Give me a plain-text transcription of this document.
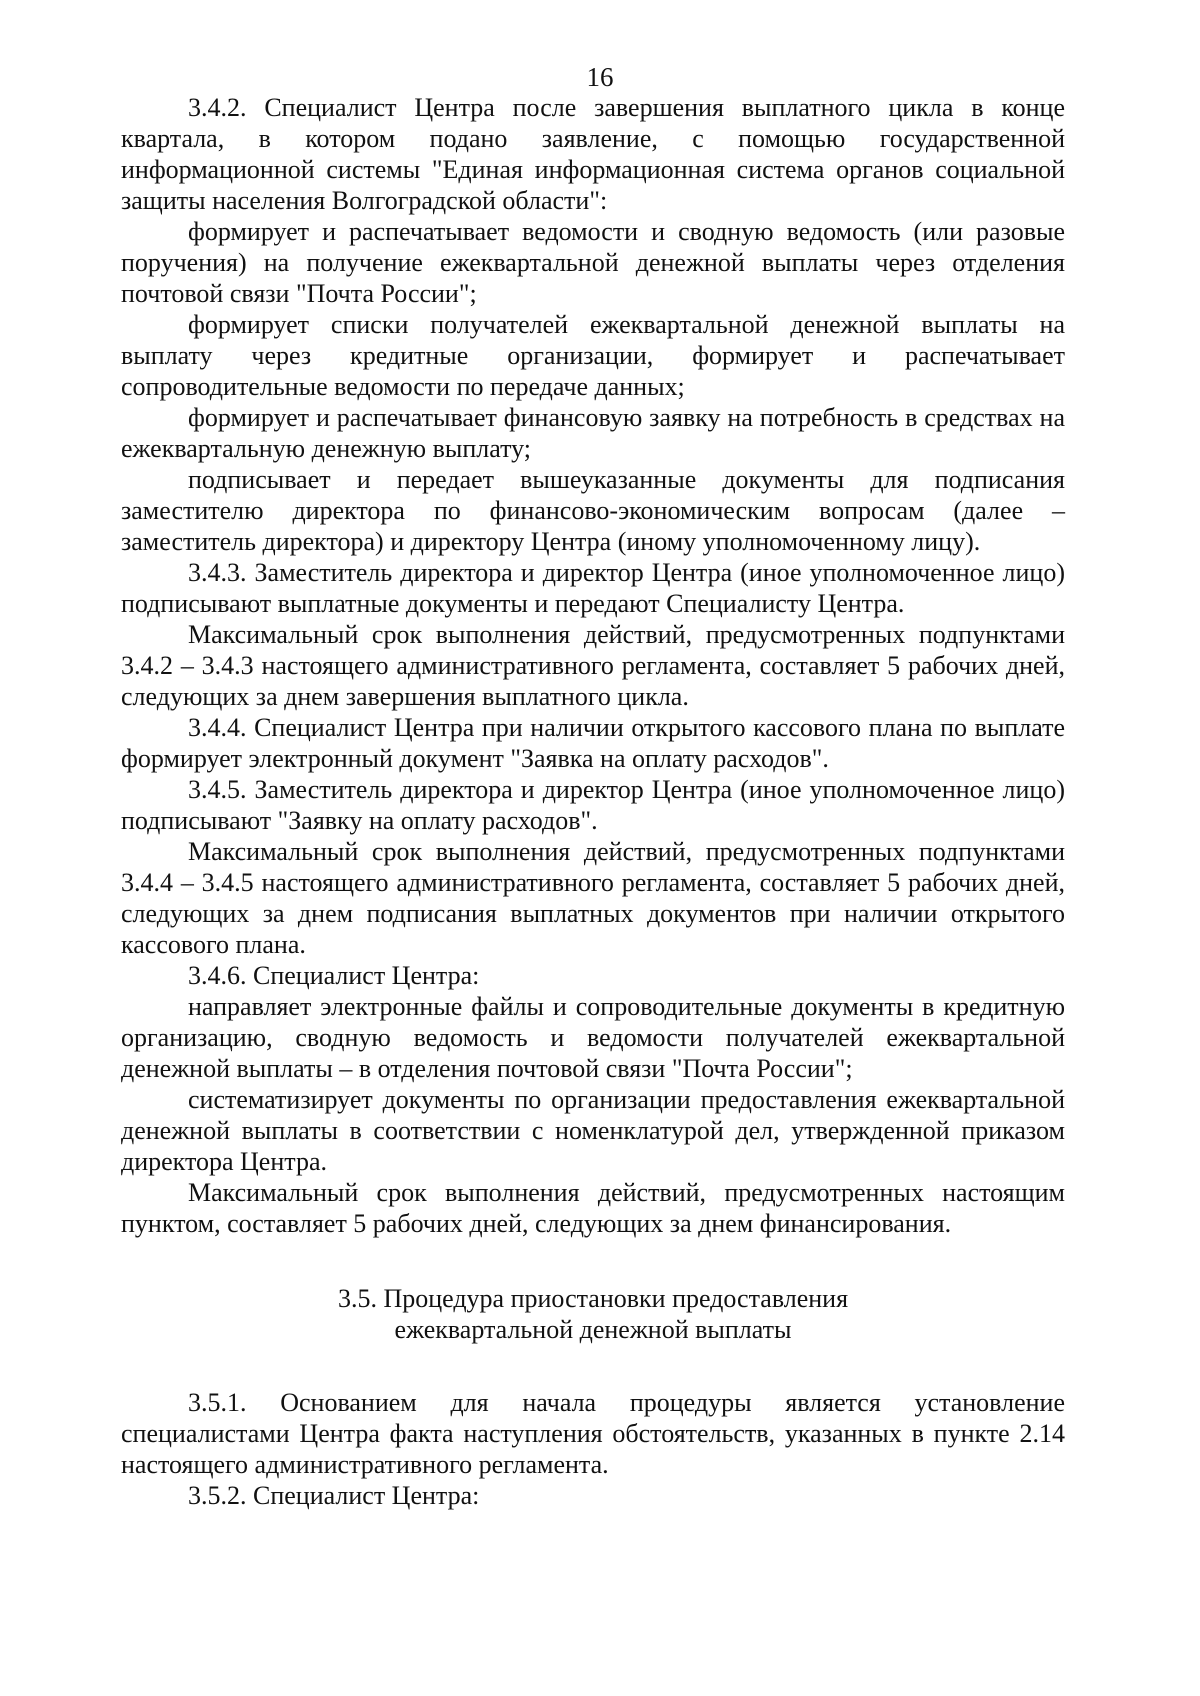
16

3.4.2. Специалист Центра после завершения выплатного цикла в конце квартала, в котором подано заявление, с помощью государственной информационной системы "Единая информационная система органов социальной защиты населения Волгоградской области":

формирует и распечатывает ведомости и сводную ведомость (или разовые поручения) на получение ежеквартальной денежной выплаты через отделения почтовой связи "Почта России";

формирует списки получателей ежеквартальной денежной выплаты на выплату через кредитные организации, формирует и распечатывает сопроводительные ведомости по передаче данных;

формирует и распечатывает финансовую заявку на потребность в средствах на ежеквартальную денежную выплату;

подписывает и передает вышеуказанные документы для подписания заместителю директора по финансово-экономическим вопросам (далее – заместитель директора) и директору Центра (иному уполномоченному лицу).

3.4.3. Заместитель директора и директор Центра (иное уполномоченное лицо) подписывают выплатные документы и передают Специалисту Центра.

Максимальный срок выполнения действий, предусмотренных подпунктами 3.4.2 – 3.4.3 настоящего административного регламента, составляет 5 рабочих дней, следующих за днем завершения выплатного цикла.

3.4.4. Специалист Центра при наличии открытого кассового плана по выплате формирует электронный документ "Заявка на оплату расходов".

3.4.5. Заместитель директора и директор Центра (иное уполномоченное лицо) подписывают "Заявку на оплату расходов".

Максимальный срок выполнения действий, предусмотренных подпунктами 3.4.4 – 3.4.5 настоящего административного регламента, составляет 5 рабочих дней, следующих за днем подписания выплатных документов при наличии открытого кассового плана.

3.4.6. Специалист Центра:

направляет электронные файлы и сопроводительные документы в кредитную организацию, сводную ведомость и ведомости получателей ежеквартальной денежной выплаты – в отделения почтовой связи "Почта России";

систематизирует документы по организации предоставления ежеквартальной денежной выплаты в соответствии с номенклатурой дел, утвержденной приказом директора Центра.

Максимальный срок выполнения действий, предусмотренных настоящим пунктом, составляет 5 рабочих дней, следующих за днем финансирования.

3.5. Процедура приостановки предоставления
ежеквартальной денежной выплаты

3.5.1. Основанием для начала процедуры является установление специалистами Центра факта наступления обстоятельств, указанных в пункте 2.14 настоящего административного регламента.

3.5.2. Специалист Центра:
